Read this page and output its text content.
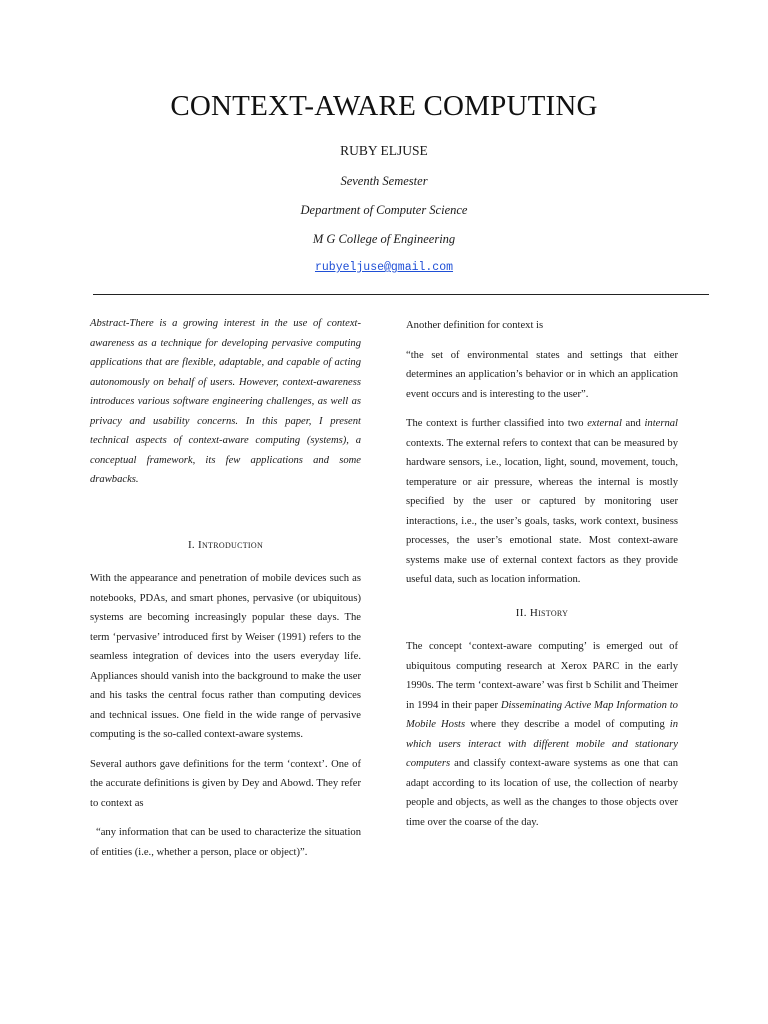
CONTEXT-AWARE COMPUTING
RUBY ELJUSE
Seventh Semester
Department of Computer Science
M G College of Engineering
rubyeljuse@gmail.com

Abstract-There is a growing interest in the use of context-awareness as a technique for developing pervasive computing applications that are flexible, adaptable, and capable of acting autonomously on behalf of users. However, context-awareness introduces various software engineering challenges, as well as privacy and usability concerns. In this paper, I present technical aspects of context-aware computing (systems), a conceptual framework, its few applications and some drawbacks.

I. Introduction

With the appearance and penetration of mobile devices such as notebooks, PDAs, and smart phones, pervasive (or ubiquitous) systems are becoming increasingly popular these days. The term ‘pervasive’ introduced first by Weiser (1991) refers to the seamless integration of devices into the users everyday life. Appliances should vanish into the background to make the user and his tasks the central focus rather than computing devices and technical issues. One field in the wide range of pervasive computing is the so-called context-aware systems.

Several authors gave definitions for the term ‘context’. One of the accurate definitions is given by Dey and Abowd. They refer to context as

“any information that can be used to characterize the situation of entities (i.e., whether a person, place or object)”.

Another definition for context is

“the set of environmental states and settings that either determines an application’s behavior or in which an application event occurs and is interesting to the user”.

The context is further classified into two external and internal contexts. The external refers to context that can be measured by hardware sensors, i.e., location, light, sound, movement, touch, temperature or air pressure, whereas the internal is mostly specified by the user or captured by monitoring user interactions, i.e., the user’s goals, tasks, work context, business processes, the user’s emotional state. Most context-aware systems make use of external context factors as they provide useful data, such as location information.

II. History

The concept ‘context-aware computing’ is emerged out of ubiquitous computing research at Xerox PARC in the early 1990s. The term ‘context-aware’ was first b Schilit and Theimer in 1994 in their paper Disseminating Active Map Information to Mobile Hosts where they describe a model of computing in which users interact with different mobile and stationary computers and classify context-aware systems as one that can adapt according to its location of use, the collection of nearby people and objects, as well as the changes to those objects over time over the coarse of the day.
